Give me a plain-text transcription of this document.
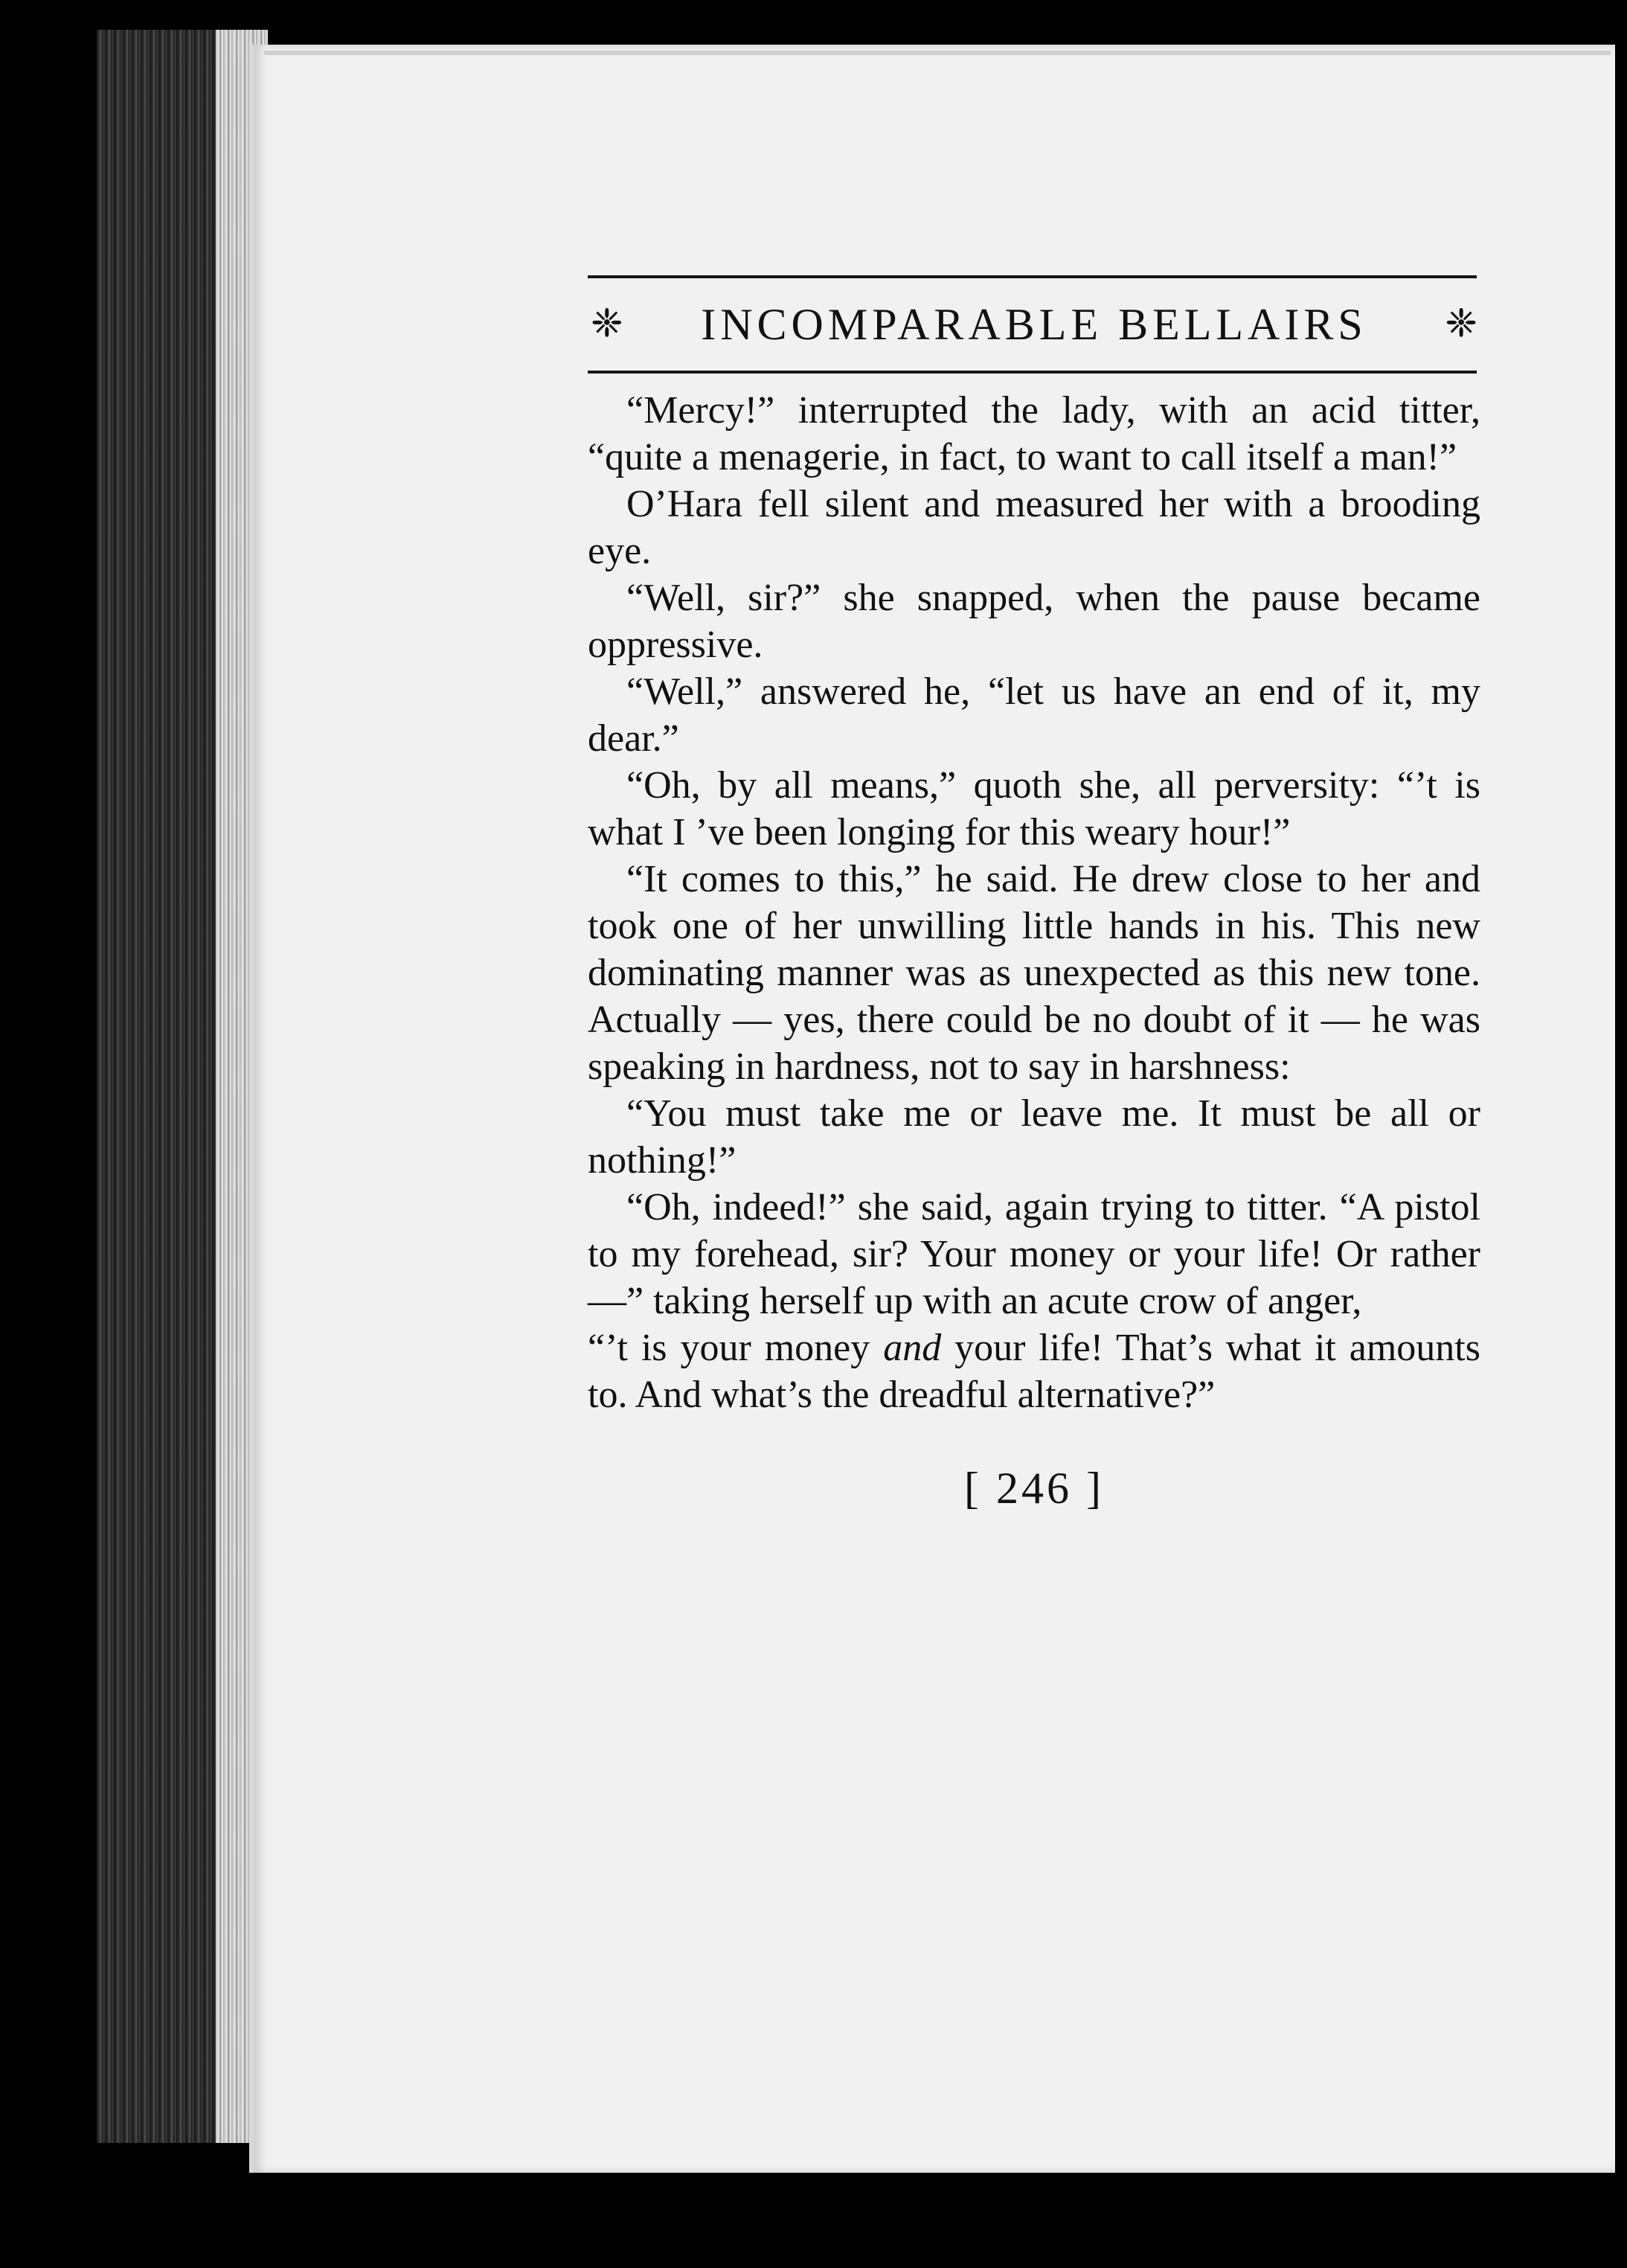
❈ INCOMPARABLE BELLAIRS ❈

“Mercy!” interrupted the lady, with an acid titter, “quite a menagerie, in fact, to want to call itself a man!”

O’Hara fell silent and measured her with a brooding eye.

“Well, sir?” she snapped, when the pause became oppressive.

“Well,” answered he, “let us have an end of it, my dear.”

“Oh, by all means,” quoth she, all perversity: “’t is what I ’ve been longing for this weary hour!”

“It comes to this,” he said. He drew close to her and took one of her unwilling little hands in his. This new dominating manner was as unexpected as this new tone. Actually — yes, there could be no doubt of it — he was speaking in hardness, not to say in harshness:

“You must take me or leave me. It must be all or nothing!”

“Oh, indeed!” she said, again trying to titter. “A pistol to my forehead, sir? Your money or your life! Or rather —” taking herself up with an acute crow of anger,

“’t is your money and your life! That’s what it amounts to. And what’s the dreadful alternative?”

[ 246 ]
